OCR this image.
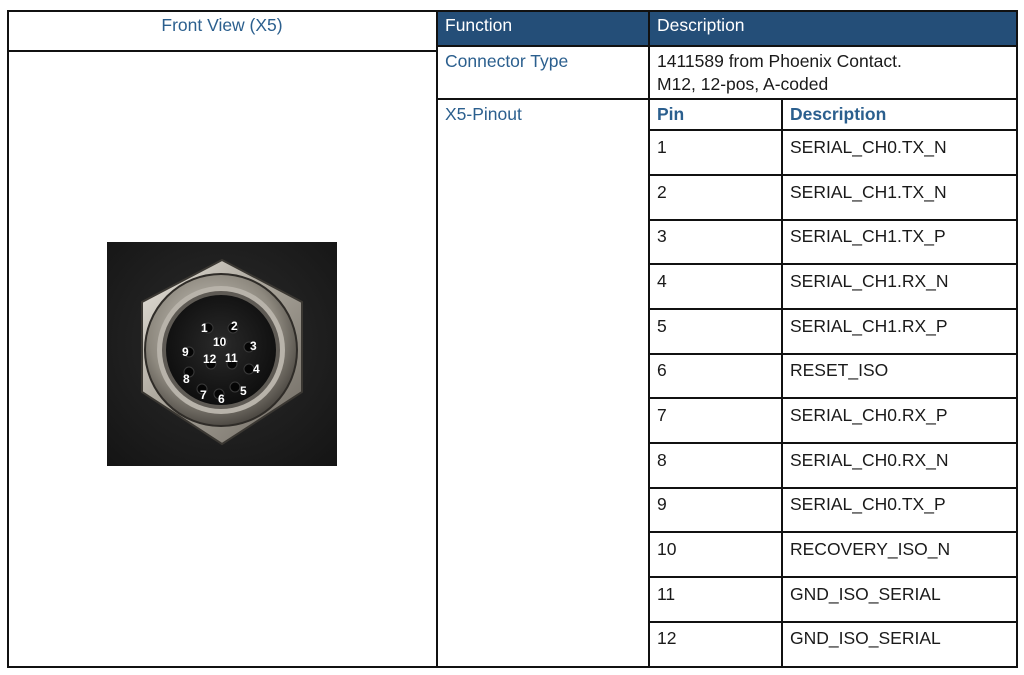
Front View (X5)	Function	Description
Connector Type	1411589 from Phoenix Contact.
M12, 12-pos, A-coded
X5-Pinout	Pin	Description
1	SERIAL_CH0.TX_N
2	SERIAL_CH1.TX_N
3	SERIAL_CH1.TX_P
4	SERIAL_CH1.RX_N
5	SERIAL_CH1.RX_P
6	RESET_ISO
7	SERIAL_CH0.RX_P
8	SERIAL_CH0.RX_N
9	SERIAL_CH0.TX_P
10	RECOVERY_ISO_N
11	GND_ISO_SERIAL
12	GND_ISO_SERIAL
1 2
3
4
5
6
7
8
9
10
11
12
